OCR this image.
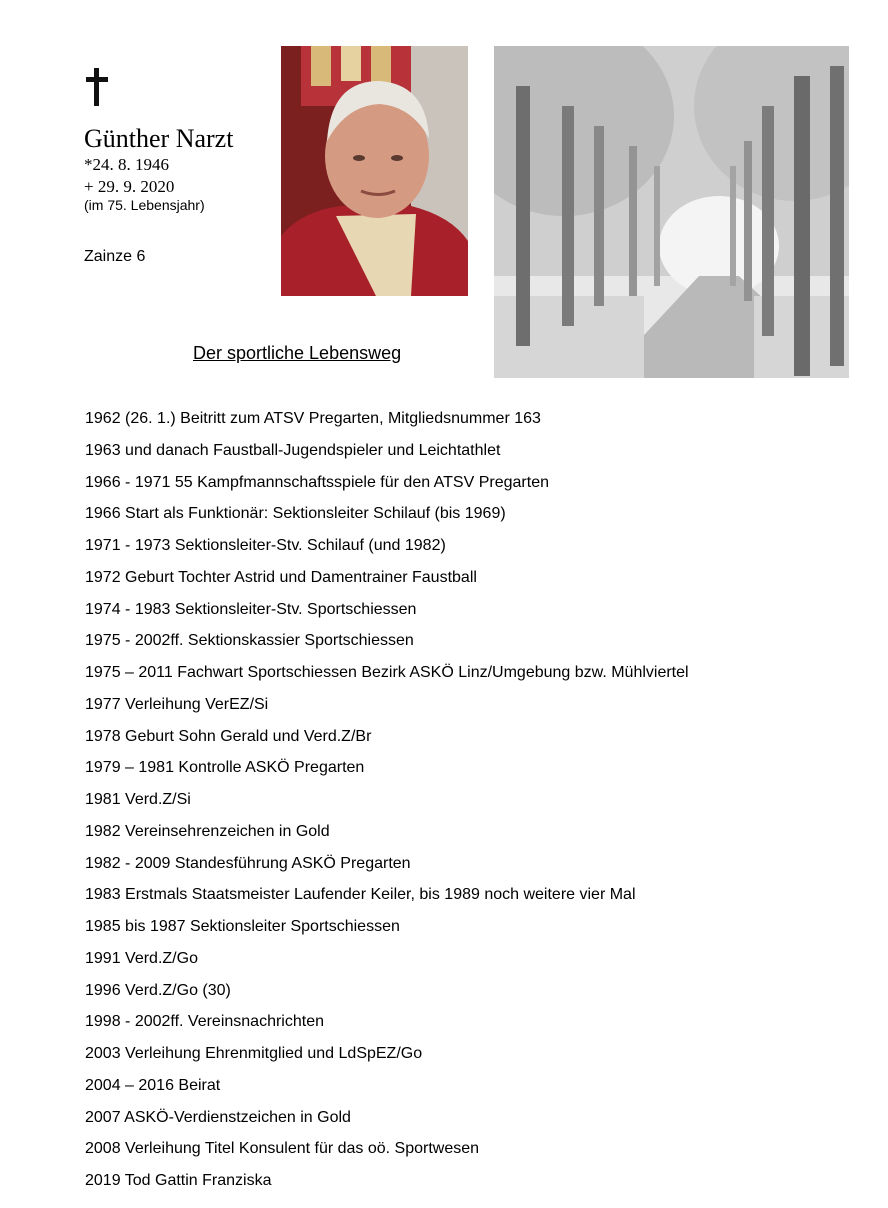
Günther Narzt
*24. 8. 1946
+ 29. 9. 2020
(im 75. Lebensjahr)
Zainze 6
Der sportliche Lebensweg
1962 (26. 1.) Beitritt zum ATSV Pregarten, Mitgliedsnummer 163
1963 und danach Faustball-Jugendspieler und Leichtathlet
1966 - 1971 55 Kampfmannschaftsspiele für den ATSV Pregarten
1966 Start als Funktionär: Sektionsleiter Schilauf (bis 1969)
1971 - 1973 Sektionsleiter-Stv. Schilauf (und 1982)
1972 Geburt Tochter Astrid und Damentrainer Faustball
1974 - 1983 Sektionsleiter-Stv. Sportschiessen
1975 - 2002ff. Sektionskassier Sportschiessen
1975 – 2011 Fachwart Sportschiessen Bezirk ASKÖ Linz/Umgebung bzw. Mühlviertel
1977 Verleihung VerEZ/Si
1978 Geburt Sohn Gerald und Verd.Z/Br
1979 – 1981 Kontrolle ASKÖ Pregarten
1981 Verd.Z/Si
1982 Vereinsehrenzeichen in Gold
1982 - 2009 Standesführung ASKÖ Pregarten
1983 Erstmals Staatsmeister Laufender Keiler, bis 1989 noch weitere vier Mal
1985 bis 1987 Sektionsleiter Sportschiessen
1991 Verd.Z/Go
1996 Verd.Z/Go (30)
1998 - 2002ff. Vereinsnachrichten
2003 Verleihung Ehrenmitglied und LdSpEZ/Go
2004 – 2016 Beirat
2007 ASKÖ-Verdienstzeichen in Gold
2008 Verleihung Titel Konsulent für das oö. Sportwesen
2019 Tod Gattin Franziska
